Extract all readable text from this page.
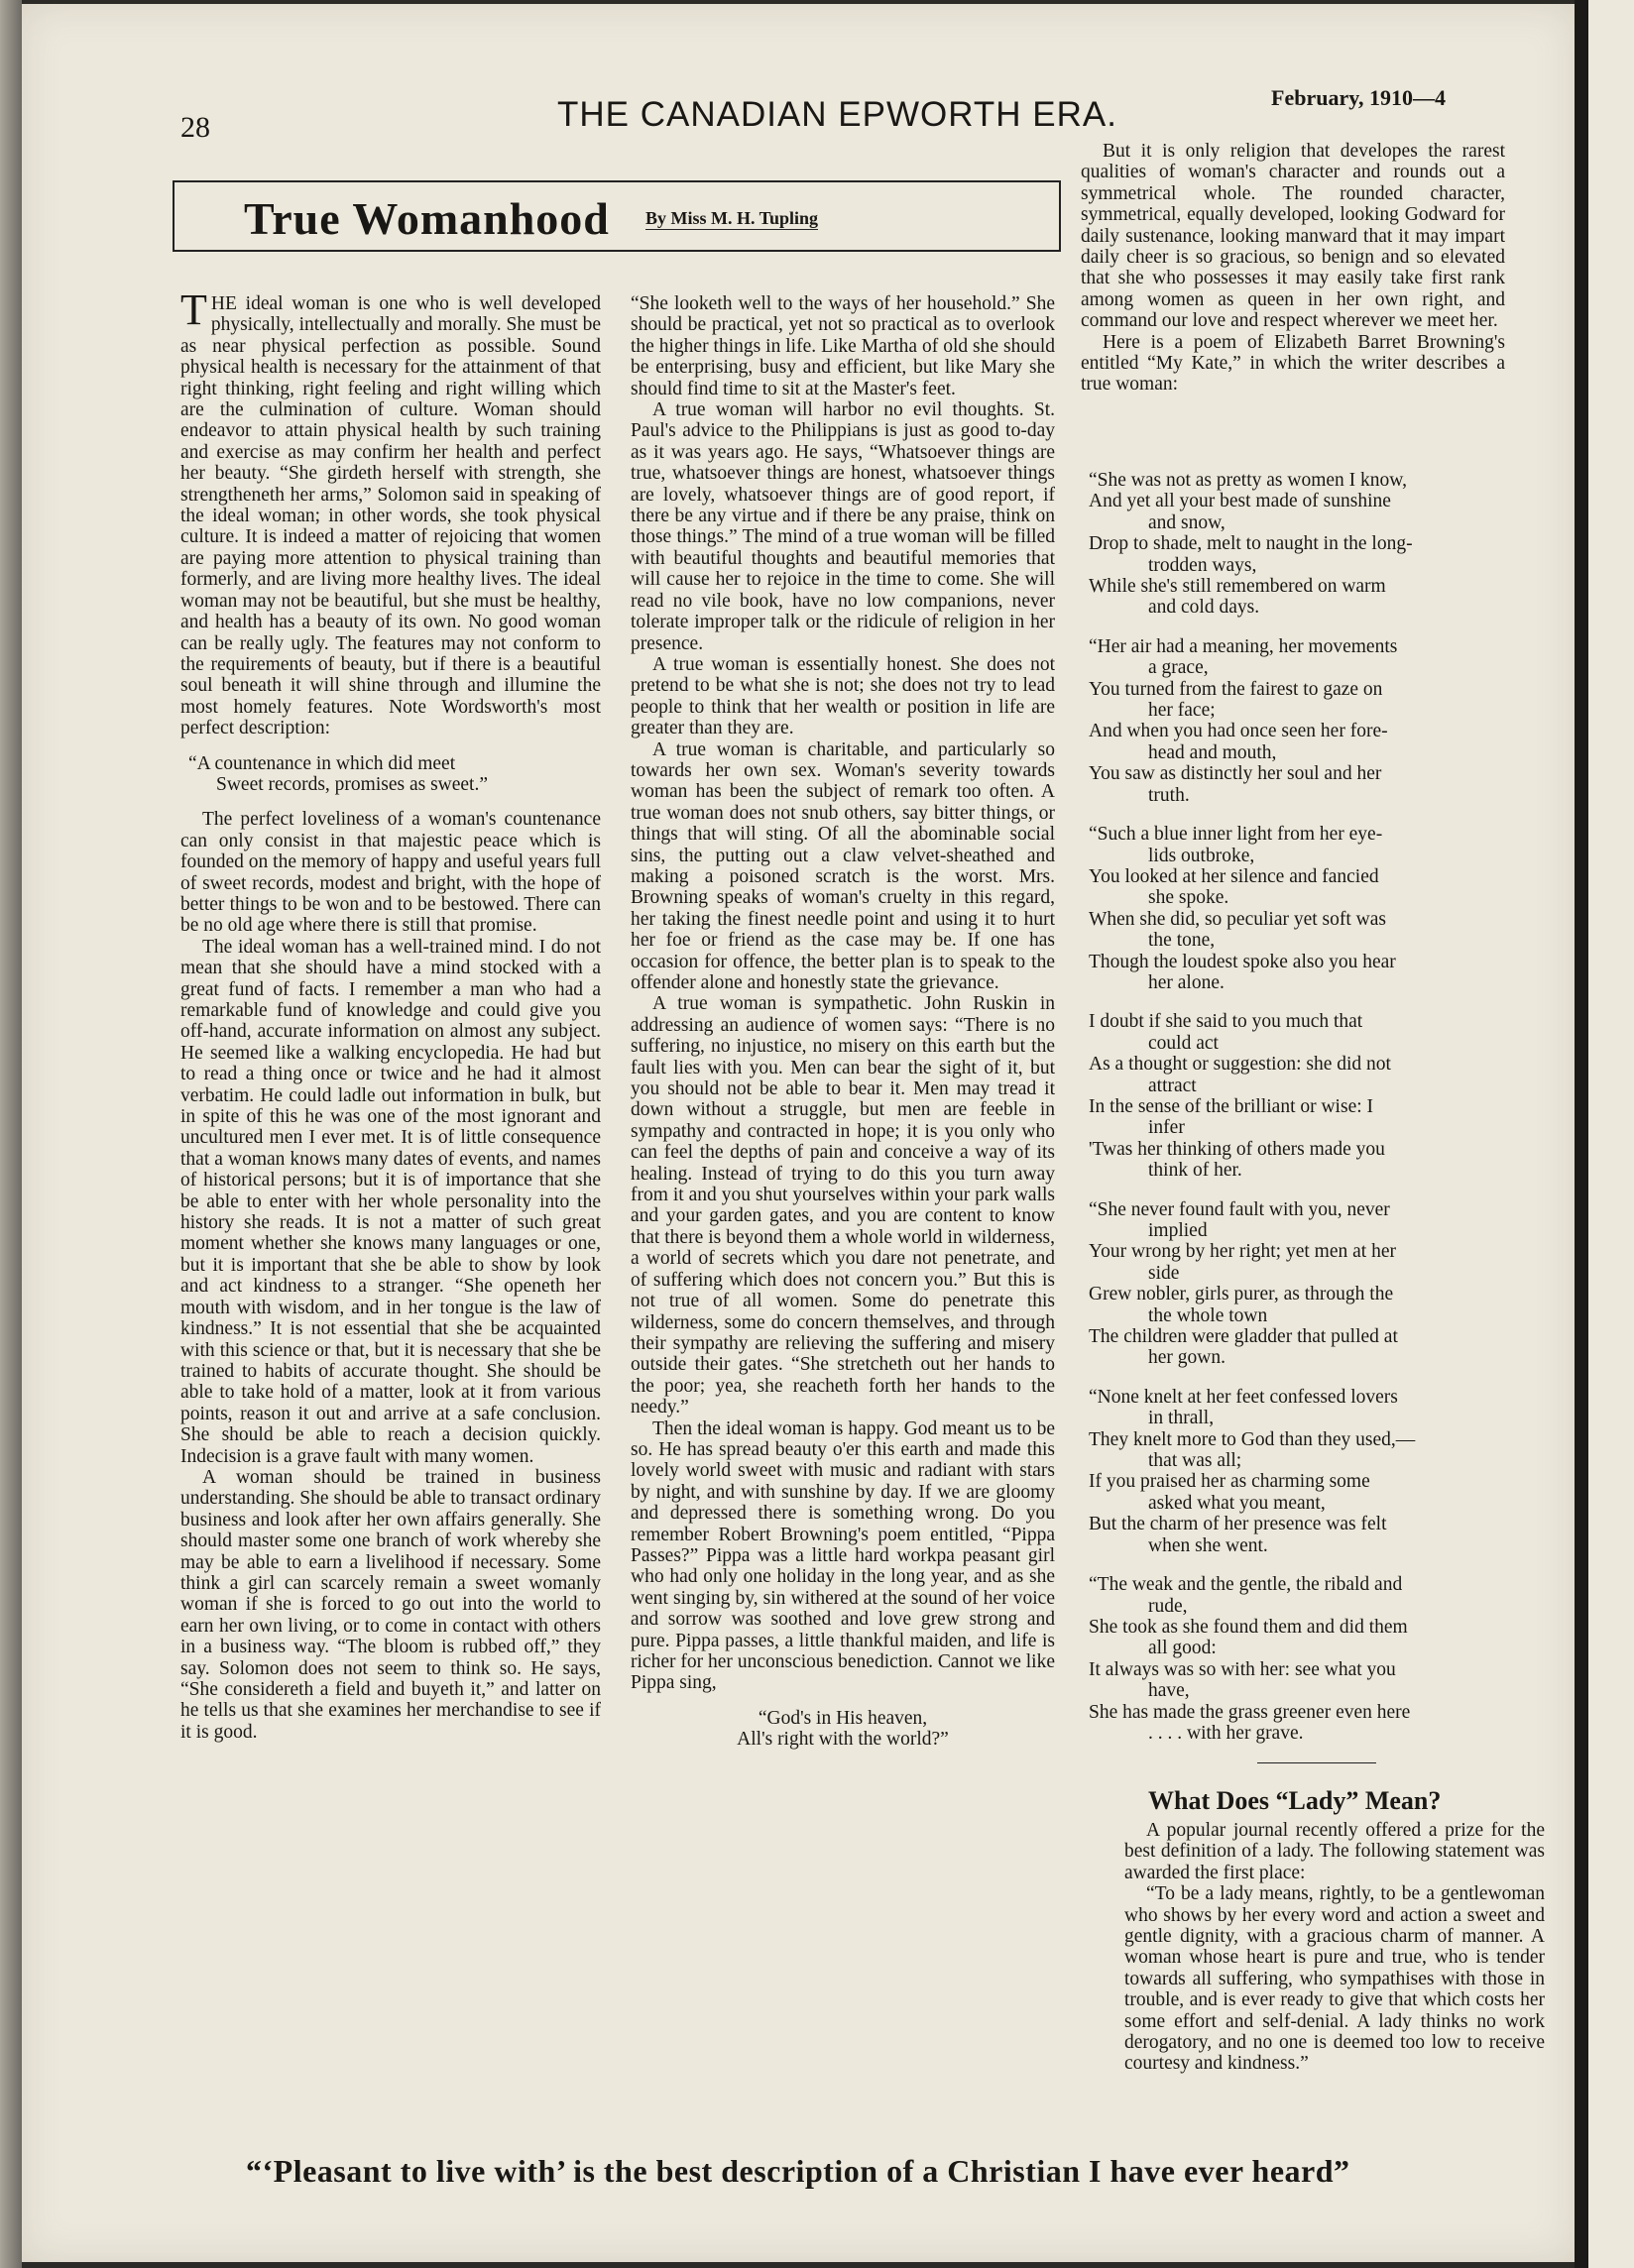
28	THE CANADIAN EPWORTH ERA.	February, 1910—4
True Womanhood By Miss M. H. Tupling

THE ideal woman is one who is well developed physically, intellectually and morally. She must be as near physical perfection as possible. Sound physical health is necessary for the attainment of that right thinking, right feeling and right willing which are the culmination of culture. Woman should endeavor to attain physical health by such training and exercise as may confirm her health and perfect her beauty. “She girdeth herself with strength, she strengtheneth her arms,” Solomon said in speaking of the ideal woman; in other words, she took physical culture. It is indeed a matter of rejoicing that women are paying more attention to physical training than formerly, and are living more healthy lives. The ideal woman may not be beautiful, but she must be healthy, and health has a beauty of its own. No good woman can be really ugly. The features may not conform to the requirements of beauty, but if there is a beautiful soul beneath it will shine through and illumine the most homely features. Note Wordsworth's most perfect description:

“A countenance in which did meet
Sweet records, promises as sweet.”

The perfect loveliness of a woman's countenance can only consist in that majestic peace which is founded on the memory of happy and useful years full of sweet records, modest and bright, with the hope of better things to be won and to be bestowed. There can be no old age where there is still that promise.

The ideal woman has a well-trained mind. I do not mean that she should have a mind stocked with a great fund of facts. I remember a man who had a remarkable fund of knowledge and could give you off-hand, accurate information on almost any subject. He seemed like a walking encyclopedia. He had but to read a thing once or twice and he had it almost verbatim. He could ladle out information in bulk, but in spite of this he was one of the most ignorant and uncultured men I ever met. It is of little consequence that a woman knows many dates of events, and names of historical persons; but it is of importance that she be able to enter with her whole personality into the history she reads. It is not a matter of such great moment whether she knows many languages or one, but it is important that she be able to show by look and act kindness to a stranger. “She openeth her mouth with wisdom, and in her tongue is the law of kindness.” It is not essential that she be acquainted with this science or that, but it is necessary that she be trained to habits of accurate thought. She should be able to take hold of a matter, look at it from various points, reason it out and arrive at a safe conclusion. She should be able to reach a decision quickly. Indecision is a grave fault with many women.

A woman should be trained in business understanding. She should be able to transact ordinary business and look after her own affairs generally. She should master some one branch of work whereby she may be able to earn a livelihood if necessary. Some think a girl can scarcely remain a sweet womanly woman if she is forced to go out into the world to earn her own living, or to come in contact with others in a business way. “The bloom is rubbed off,” they say. Solomon does not seem to think so. He says, “She considereth a field and buyeth it,” and latter on he tells us that she examines her merchandise to see if it is good.

“She looketh well to the ways of her household.” She should be practical, yet not so practical as to overlook the higher things in life. Like Martha of old she should be enterprising, busy and efficient, but like Mary she should find time to sit at the Master's feet.

A true woman will harbor no evil thoughts. St. Paul's advice to the Philippians is just as good to-day as it was years ago. He says, “Whatsoever things are true, whatsoever things are honest, whatsoever things are lovely, whatsoever things are of good report, if there be any virtue and if there be any praise, think on those things.” The mind of a true woman will be filled with beautiful thoughts and beautiful memories that will cause her to rejoice in the time to come. She will read no vile book, have no low companions, never tolerate improper talk or the ridicule of religion in her presence.

A true woman is essentially honest. She does not pretend to be what she is not; she does not try to lead people to think that her wealth or position in life are greater than they are.

A true woman is charitable, and particularly so towards her own sex. Woman's severity towards woman has been the subject of remark too often. A true woman does not snub others, say bitter things, or things that will sting. Of all the abominable social sins, the putting out a claw velvet-sheathed and making a poisoned scratch is the worst. Mrs. Browning speaks of woman's cruelty in this regard, her taking the finest needle point and using it to hurt her foe or friend as the case may be. If one has occasion for offence, the better plan is to speak to the offender alone and honestly state the grievance.

A true woman is sympathetic. John Ruskin in addressing an audience of women says: “There is no suffering, no injustice, no misery on this earth but the fault lies with you. Men can bear the sight of it, but you should not be able to bear it. Men may tread it down without a struggle, but men are feeble in sympathy and contracted in hope; it is you only who can feel the depths of pain and conceive a way of its healing. Instead of trying to do this you turn away from it and you shut yourselves within your park walls and your garden gates, and you are content to know that there is beyond them a whole world in wilderness, a world of secrets which you dare not penetrate, and of suffering which does not concern you.” But this is not true of all women. Some do penetrate this wilderness, some do concern themselves, and through their sympathy are relieving the suffering and misery outside their gates. “She stretcheth out her hands to the poor; yea, she reacheth forth her hands to the needy.”

Then the ideal woman is happy. God meant us to be so. He has spread beauty o'er this earth and made this lovely world sweet with music and radiant with stars by night, and with sunshine by day. If we are gloomy and depressed there is something wrong. Do you remember Robert Browning's poem entitled, “Pippa Passes?” Pippa was a little hard workpa peasant girl who had only one holiday in the long year, and as she went singing by, sin withered at the sound of her voice and sorrow was soothed and love grew strong and pure. Pippa passes, a little thankful maiden, and life is richer for her unconscious benediction. Cannot we like Pippa sing,

“God's in His heaven,
All's right with the world?”

But it is only religion that developes the rarest qualities of woman's character and rounds out a symmetrical whole. The rounded character, symmetrical, equally developed, looking Godward for daily sustenance, looking manward that it may impart daily cheer is so gracious, so benign and so elevated that she who possesses it may easily take first rank among women as queen in her own right, and command our love and respect wherever we meet her.

Here is a poem of Elizabeth Barret Browning's entitled “My Kate,” in which the writer describes a true woman:

“She was not as pretty as women I know,
And yet all your best made of sunshine
and snow,
Drop to shade, melt to naught in the long-
trodden ways,
While she's still remembered on warm
and cold days.
“Her air had a meaning, her movements
a grace,
You turned from the fairest to gaze on
her face;
And when you had once seen her fore-
head and mouth,
You saw as distinctly her soul and her
truth.
“Such a blue inner light from her eye-
lids outbroke,
You looked at her silence and fancied
she spoke.
When she did, so peculiar yet soft was
the tone,
Though the loudest spoke also you hear
her alone.
I doubt if she said to you much that
could act
As a thought or suggestion: she did not
attract
In the sense of the brilliant or wise: I
infer
'Twas her thinking of others made you
think of her.
“She never found fault with you, never
implied
Your wrong by her right; yet men at her
side
Grew nobler, girls purer, as through the
the whole town
The children were gladder that pulled at
her gown.
“None knelt at her feet confessed lovers
in thrall,
They knelt more to God than they used,—
that was all;
If you praised her as charming some
asked what you meant,
But the charm of her presence was felt
when she went.
“The weak and the gentle, the ribald and
rude,
She took as she found them and did them
all good:
It always was so with her: see what you
have,
She has made the grass greener even here
. . . . with her grave.
What Does “Lady” Mean?

A popular journal recently offered a prize for the best definition of a lady. The following statement was awarded the first place:

“To be a lady means, rightly, to be a gentlewoman who shows by her every word and action a sweet and gentle dignity, with a gracious charm of manner. A woman whose heart is pure and true, who is tender towards all suffering, who sympathises with those in trouble, and is ever ready to give that which costs her some effort and self-denial. A lady thinks no work derogatory, and no one is deemed too low to receive courtesy and kindness.”

“‘Pleasant to live with’ is the best description of a Christian I have ever heard”
